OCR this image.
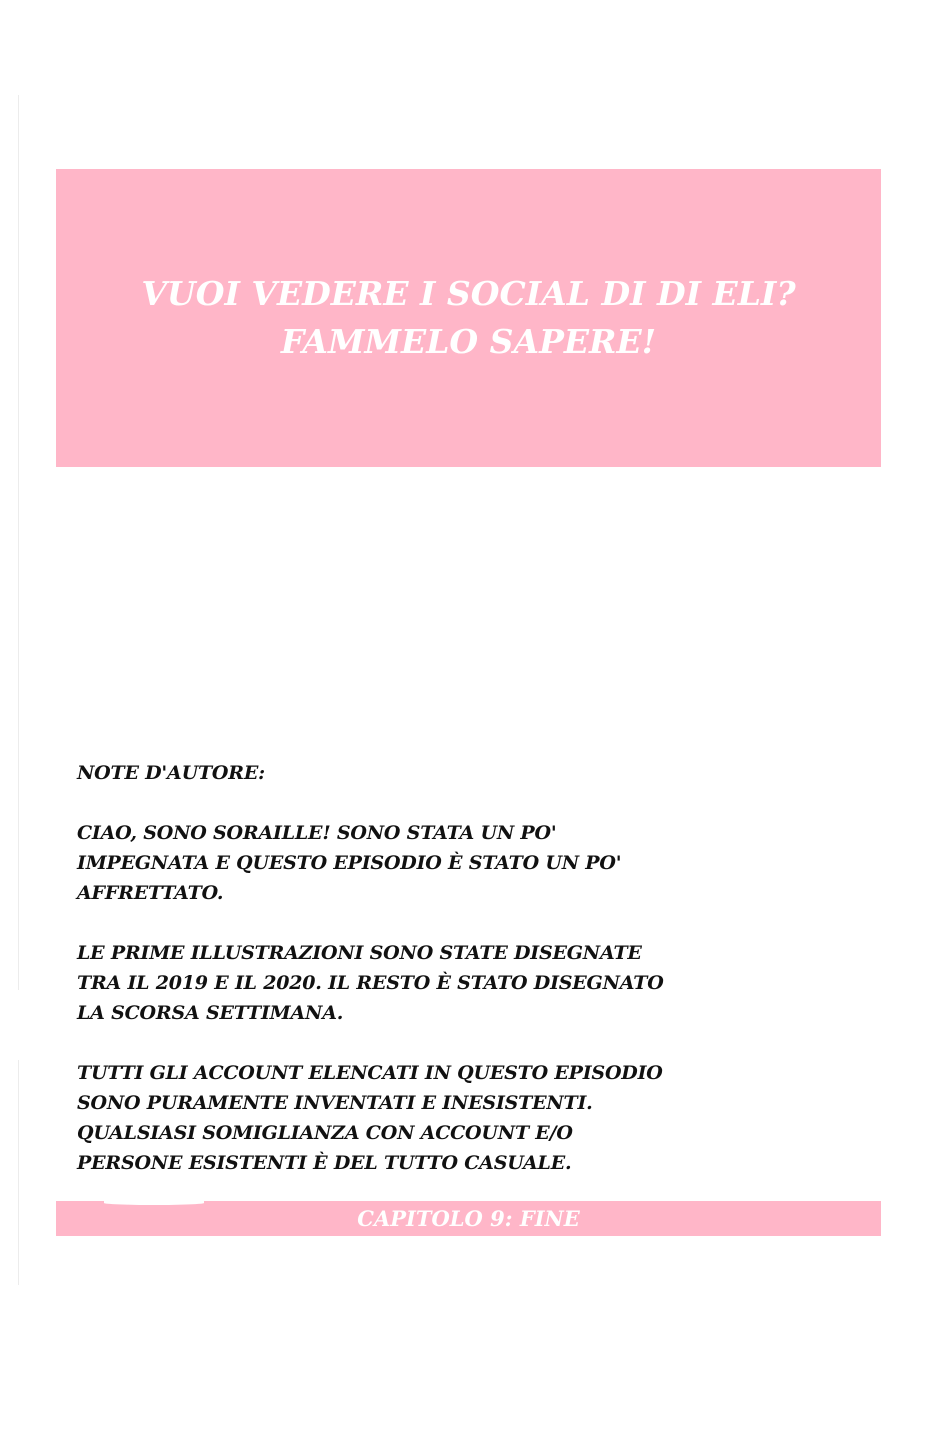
VUOI VEDERE I SOCIAL DI DI ELI?
FAMMELO SAPERE!

NOTE D'AUTORE:

CIAO, SONO SORAILLE! SONO STATA UN PO'
IMPEGNATA E QUESTO EPISODIO È STATO UN PO'
AFFRETTATO.

LE PRIME ILLUSTRAZIONI SONO STATE DISEGNATE
TRA IL 2019 E IL 2020. IL RESTO È STATO DISEGNATO
LA SCORSA SETTIMANA.

TUTTI GLI ACCOUNT ELENCATI IN QUESTO EPISODIO
SONO PURAMENTE INVENTATI E INESISTENTI.
QUALSIASI SOMIGLIANZA CON ACCOUNT E/O
PERSONE ESISTENTI È DEL TUTTO CASUALE.

CAPITOLO 9: FINE
